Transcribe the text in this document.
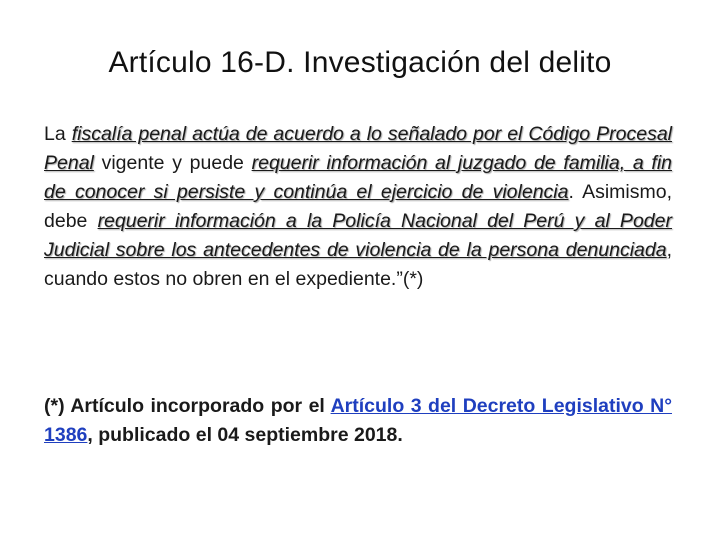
Artículo 16-D. Investigación del delito

La fiscalía penal actúa de acuerdo a lo señalado por el Código Procesal Penal vigente y puede requerir información al juzgado de familia, a fin de conocer si persiste y continúa el ejercicio de violencia. Asimismo, debe requerir información a la Policía Nacional del Perú y al Poder Judicial sobre los antecedentes de violencia de la persona denunciada, cuando estos no obren en el expediente.”(*)

(*) Artículo incorporado por el Artículo 3 del Decreto Legislativo N° 1386, publicado el 04 septiembre 2018.
